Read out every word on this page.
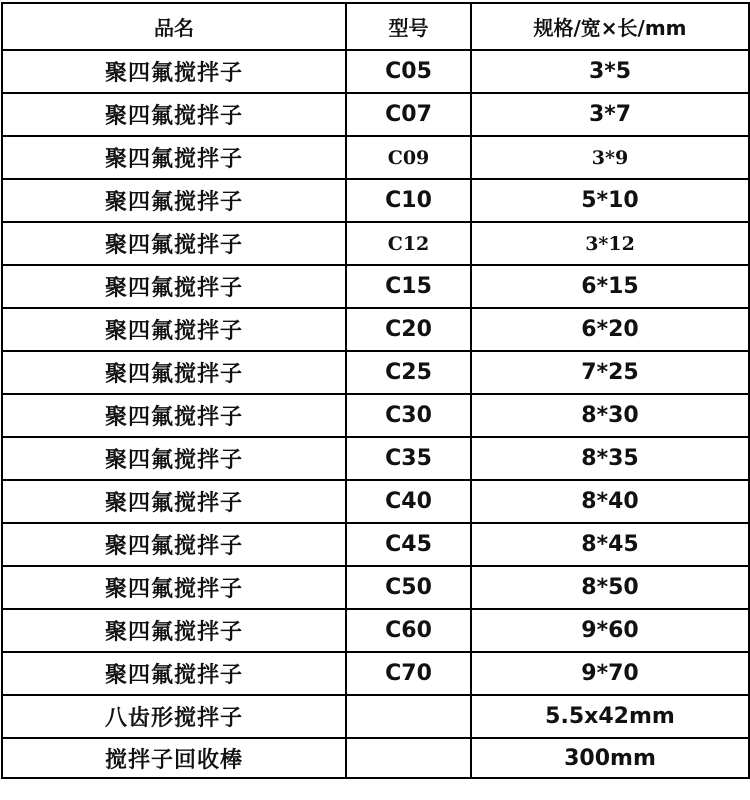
品名	型号	规格/宽×长/mm
聚四氟搅拌子	C05	3*5
聚四氟搅拌子	C07	3*7
聚四氟搅拌子	C09	3*9
聚四氟搅拌子	C10	5*10
聚四氟搅拌子	C12	3*12
聚四氟搅拌子	C15	6*15
聚四氟搅拌子	C20	6*20
聚四氟搅拌子	C25	7*25
聚四氟搅拌子	C30	8*30
聚四氟搅拌子	C35	8*35
聚四氟搅拌子	C40	8*40
聚四氟搅拌子	C45	8*45
聚四氟搅拌子	C50	8*50
聚四氟搅拌子	C60	9*60
聚四氟搅拌子	C70	9*70
八齿形搅拌子		5.5x42mm
搅拌子回收棒		300mm
